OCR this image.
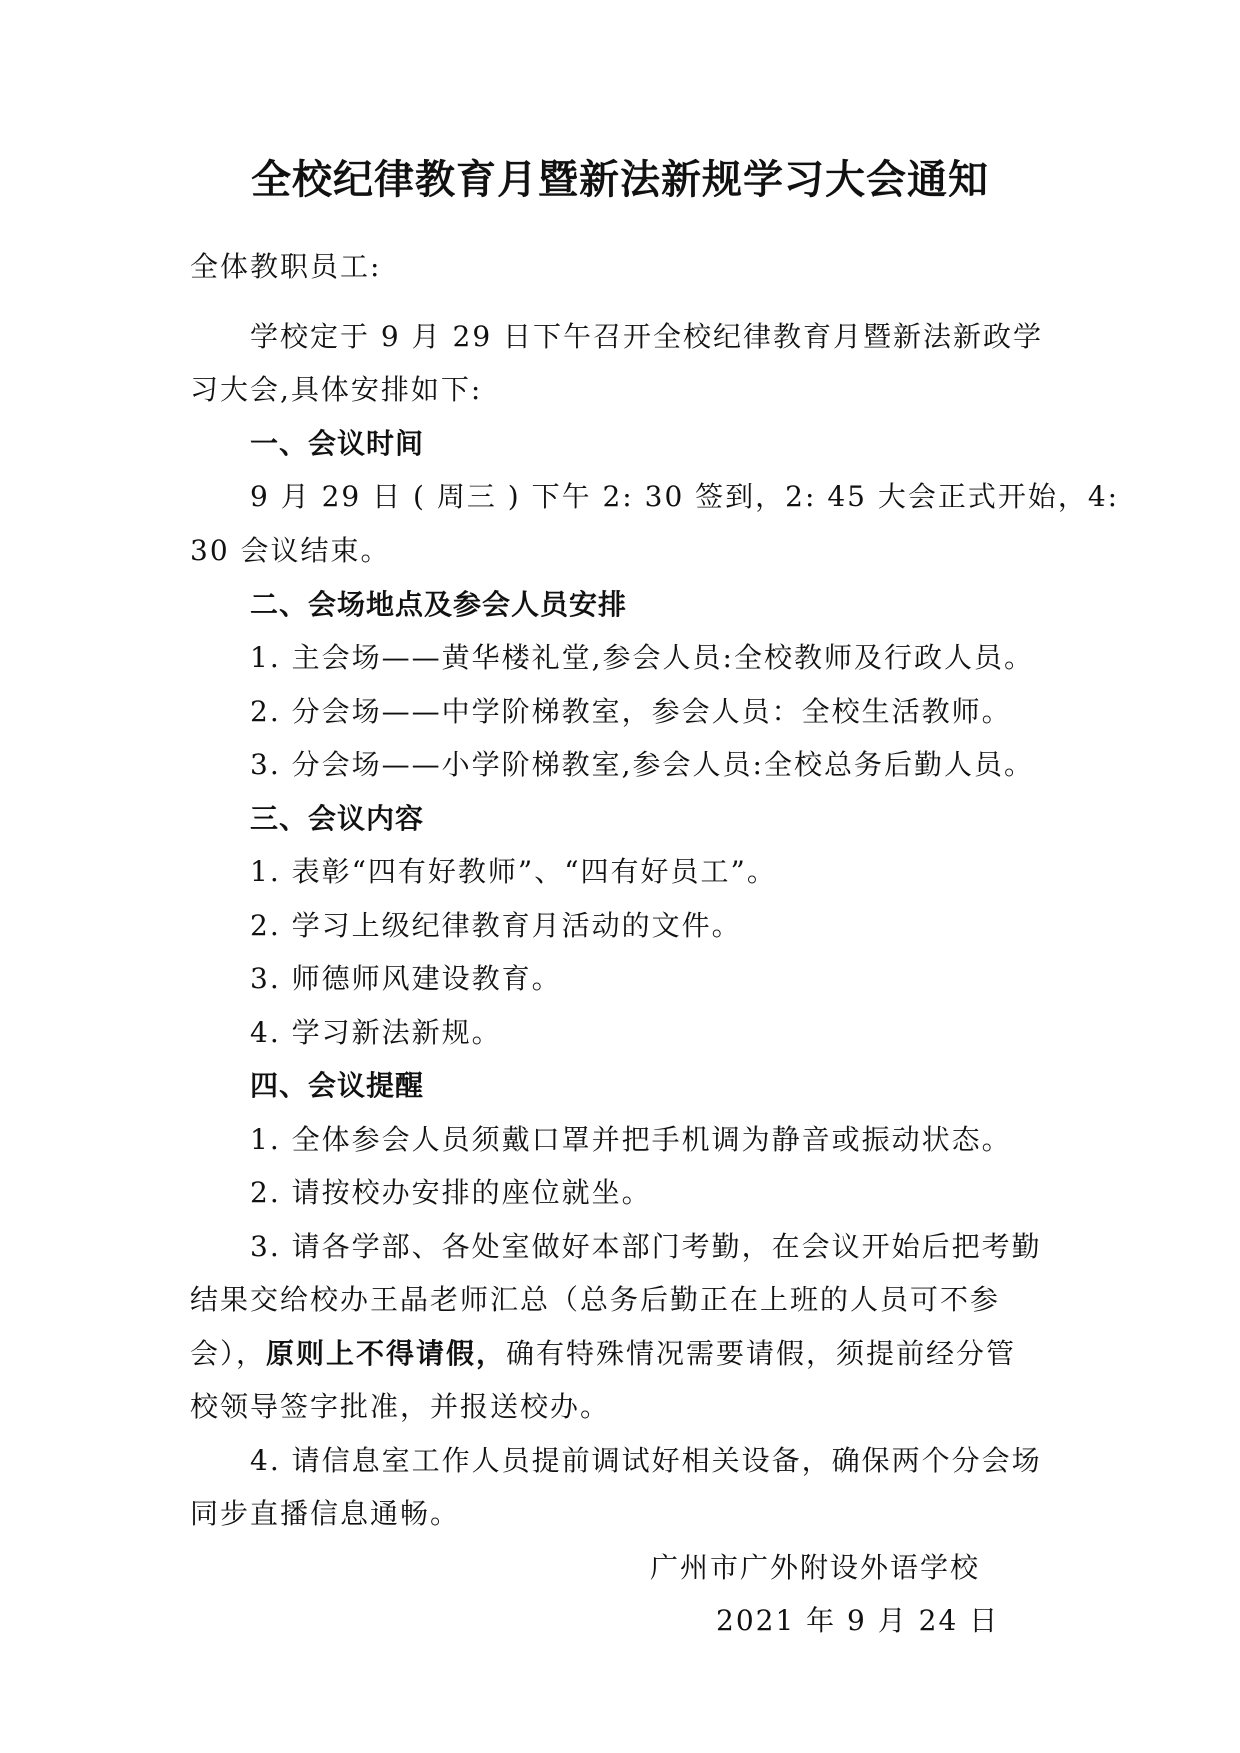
全校纪律教育月暨新法新规学习大会通知
全体教职员工:
学校定于 9 月 29 日下午召开全校纪律教育月暨新法新政学
习大会,具体安排如下:
一、会议时间
9 月 29 日 ( 周三 ) 下午 2: 30 签到，2: 45 大会正式开始，4:
30 会议结束。
二、会场地点及参会人员安排
1. 主会场——黄华楼礼堂,参会人员:全校教师及行政人员。
2. 分会场——中学阶梯教室，参会人员：全校生活教师。
3. 分会场——小学阶梯教室,参会人员:全校总务后勤人员。
三、会议内容
1. 表彰“四有好教师”、“四有好员工”。
2. 学习上级纪律教育月活动的文件。
3. 师德师风建设教育。
4. 学习新法新规。
四、会议提醒
1. 全体参会人员须戴口罩并把手机调为静音或振动状态。
2. 请按校办安排的座位就坐。
3. 请各学部、各处室做好本部门考勤，在会议开始后把考勤
结果交给校办王晶老师汇总（总务后勤正在上班的人员可不参
会），原则上不得请假，确有特殊情况需要请假，须提前经分管
校领导签字批准，并报送校办。
4. 请信息室工作人员提前调试好相关设备，确保两个分会场
同步直播信息通畅。
广州市广外附设外语学校
2021 年 9 月 24 日
